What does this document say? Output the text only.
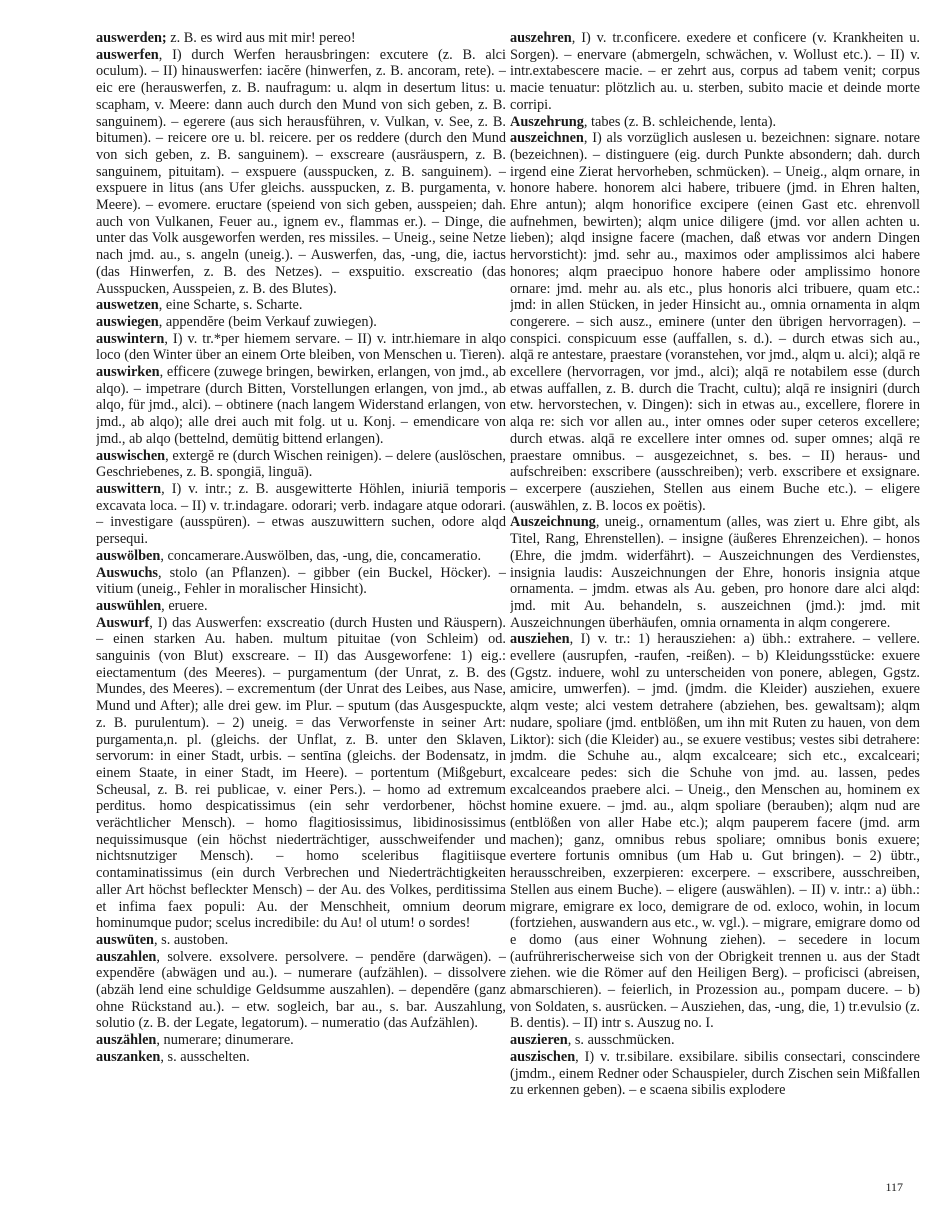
auswerden; z. B. es wird aus mit mir! pereo!

auswerfen, I) durch Werfen herausbringen: excutere (z. B. alci oculum). – II) hinauswerfen: iacĕre (hinwerfen, z. B. ancoram, rete). – eic ere (herauswerfen, z. B. naufragum: u. alqm in desertum litus: u. scapham, v. Meere: dann auch durch den Mund von sich geben, z. B. sanguinem). – egerere (aus sich herausführen, v. Vulkan, v. See, z. B. bitumen). – reicere ore u. bl. reicere. per os reddere (durch den Mund von sich geben, z. B. sanguinem). – exscreare (ausräuspern, z. B. sanguinem, pituitam). – exspuere (ausspucken, z. B. sanguinem). – exspuere in litus (ans Ufer gleichs. ausspucken, z. B. purgamenta, v. Meere). – evomere. eructare (speiend von sich geben, ausspeien; dah. auch von Vulkanen, Feuer au., ignem ev., flammas er.). – Dinge, die unter das Volk ausgeworfen werden, res missiles. – Uneig., seine Netze nach jmd. au., s. angeln (uneig.). – Auswerfen, das, -ung, die, iactus (das Hinwerfen, z. B. des Netzes). – exspuitio. exscreatio (das Ausspucken, Ausspeien, z. B. des Blutes).

auswetzen, eine Scharte, s. Scharte.

auswiegen, appendĕre (beim Verkauf zuwiegen).

auswintern, I) v. tr.*per hiemem servare. – II) v. intr.hiemare in alqo loco (den Winter über an einem Orte bleiben, von Menschen u. Tieren).

auswirken, efficere (zuwege bringen, bewirken, erlangen, von jmd., ab alqo). – impetrare (durch Bitten, Vorstellungen erlangen, von jmd., ab alqo, für jmd., alci). – obtinere (nach langem Widerstand erlangen, von jmd., ab alqo); alle drei auch mit folg. ut u. Konj. – emendicare von jmd., ab alqo (bettelnd, demütig bittend erlangen).

auswischen, extergĕ re (durch Wischen reinigen). – delere (auslöschen, Geschriebenes, z. B. spongiā, linguā).

auswittern, I) v. intr.; z. B. ausgewitterte Höhlen, iniuriā temporis excavata loca. – II) v. tr.indagare. odorari; verb. indagare atque odorari. – investigare (ausspüren). – etwas auszuwittern suchen, odore alqd persequi.

auswölben, concamerare.Auswölben, das, -ung, die, concameratio.

Auswuchs, stolo (an Pflanzen). – gibber (ein Buckel, Höcker). – vitium (uneig., Fehler in moralischer Hinsicht).

auswühlen, eruere.

Auswurf, I) das Auswerfen: exscreatio (durch Husten und Räuspern). – einen starken Au. haben. multum pituitae (von Schleim) od. sanguinis (von Blut) exscreare. – II) das Ausgeworfene: 1) eig.: eiectamentum (des Meeres). – purgamentum (der Unrat, z. B. des Mundes, des Meeres). – excrementum (der Unrat des Leibes, aus Nase, Mund und After); alle drei gew. im Plur. – sputum (das Ausgespuckte, z. B. purulentum). – 2) uneig. = das Verworfenste in seiner Art: purgamenta,n. pl. (gleichs. der Unflat, z. B. unter den Sklaven, servorum: in einer Stadt, urbis. – sentīna (gleichs. der Bodensatz, in einem Staate, in einer Stadt, im Heere). – portentum (Mißgeburt, Scheusal, z. B. rei publicae, v. einer Pers.). – homo ad extremum perditus. homo despicatissimus (ein sehr verdorbener, höchst verächtlicher Mensch). – homo flagitiosissimus, libidinosissimus nequissimusque (ein höchst niederträchtiger, ausschweifender und nichtsnutziger Mensch). – homo sceleribus flagitiisque contaminatissimus (ein durch Verbrechen und Niederträchtigkeiten aller Art höchst befleckter Mensch) – der Au. des Volkes, perditissima et infima faex populi: Au. der Menschheit, omnium deorum hominumque pudor; scelus incredibile: du Au! ol utum! o sordes!

auswüten, s. austoben.

auszahlen, solvere. exsolvere. persolvere. – pendĕre (darwägen). – expendĕre (abwägen und au.). – numerare (aufzählen). – dissolvere (abzäh lend eine schuldige Geldsumme auszahlen). – dependĕre (ganz ohne Rückstand au.). – etw. sogleich, bar au., s. bar. Auszahlung, solutio (z. B. der Legate, legatorum). – numeratio (das Aufzählen).

auszählen, numerare; dinumerare.

auszanken, s. ausschelten.

auszehren, I) v. tr.conficere. exedere et conficere (v. Krankheiten u. Sorgen). – enervare (abmergeln, schwächen, v. Wollust etc.). – II) v. intr.extabescere macie. – er zehrt aus, corpus ad tabem venit; corpus macie tenuatur: plötzlich au. u. sterben, subito macie et deinde morte corripi.

Auszehrung, tabes (z. B. schleichende, lenta).

auszeichnen, I) als vorzüglich auslesen u. bezeichnen: signare. notare (bezeichnen). – distinguere (eig. durch Punkte absondern; dah. durch irgend eine Zierat hervorheben, schmücken). – Uneig., alqm ornare, in honore habere. honorem alci habere, tribuere (jmd. in Ehren halten, Ehre antun); alqm honorifice excipere (einen Gast etc. ehrenvoll aufnehmen, bewirten); alqm unice diligere (jmd. vor allen achten u. lieben); alqd insigne facere (machen, daß etwas vor andern Dingen hervorsticht): jmd. sehr au., maximos oder amplissimos alci habere honores; alqm praecipuo honore habere oder amplissimo honore ornare: jmd. mehr au. als etc., plus honoris alci tribuere, quam etc.: jmd: in allen Stücken, in jeder Hinsicht au., omnia ornamenta in alqm congerere. – sich ausz., eminere (unter den übrigen hervorragen). – conspici. conspicuum esse (auffallen, s. d.). – durch etwas sich au., alqā re antestare, praestare (voranstehen, vor jmd., alqm u. alci); alqā re excellere (hervorragen, vor jmd., alci); alqā re notabilem esse (durch etwas auffallen, z. B. durch die Tracht, cultu); alqā re insigniri (durch etw. hervorstechen, v. Dingen): sich in etwas au., excellere, florere in alqa re: sich vor allen au., inter omnes oder super ceteros excellere; durch etwas. alqā re excellere inter omnes od. super omnes; alqā re praestare omnibus. – ausgezeichnet, s. bes. – II) heraus- und aufschreiben: exscribere (ausschreiben); verb. exscribere et exsignare. – excerpere (ausziehen, Stellen aus einem Buche etc.). – eligere (auswählen, z. B. locos ex poëtis).

Auszeichnung, uneig., ornamentum (alles, was ziert u. Ehre gibt, als Titel, Rang, Ehrenstellen). – insigne (äußeres Ehrenzeichen). – honos (Ehre, die jmdm. widerfährt). – Auszeichnungen des Verdienstes, insignia laudis: Auszeichnungen der Ehre, honoris insignia atque ornamenta. – jmdm. etwas als Au. geben, pro honore dare alci alqd: jmd. mit Au. behandeln, s. auszeichnen (jmd.): jmd. mit Auszeichnungen überhäufen, omnia ornamenta in alqm congerere.

ausziehen, I) v. tr.: 1) herausziehen: a) übh.: extrahere. – vellere. evellere (ausrupfen, -raufen, -reißen). – b) Kleidungsstücke: exuere (Ggstz. induere, wohl zu unterscheiden von ponere, ablegen, Ggstz. amicire, umwerfen). – jmd. (jmdm. die Kleider) ausziehen, exuere alqm veste; alci vestem detrahere (abziehen, bes. gewaltsam); alqm nudare, spoliare (jmd. entblößen, um ihn mit Ruten zu hauen, von dem Liktor): sich (die Kleider) au., se exuere vestibus; vestes sibi detrahere: jmdm. die Schuhe au., alqm excalceare; sich etc., excalceari; excalceare pedes: sich die Schuhe von jmd. au. lassen, pedes excalceandos praebere alci. – Uneig., den Menschen au, hominem ex homine exuere. – jmd. au., alqm spoliare (berauben); alqm nud are (entblößen von aller Habe etc.); alqm pauperem facere (jmd. arm machen); ganz, omnibus rebus spoliare; omnibus bonis exuere; evertere fortunis omnibus (um Hab u. Gut bringen). – 2) übtr., herausschreiben, exzerpieren: excerpere. – exscribere, ausschreiben, Stellen aus einem Buche). – eligere (auswählen). – II) v. intr.: a) übh.: migrare, emigrare ex loco, demigrare de od. exloco, wohin, in locum (fortziehen, auswandern aus etc., w. vgl.). – migrare, emigrare domo od e domo (aus einer Wohnung ziehen). – secedere in locum (aufrührerischerweise sich von der Obrigkeit trennen u. aus der Stadt ziehen. wie die Römer auf den Heiligen Berg). – proficisci (abreisen, abmarschieren). – feierlich, in Prozession au., pompam ducere. – b) von Soldaten, s. ausrücken. – Ausziehen, das, -ung, die, 1) tr.evulsio (z. B. dentis). – II) intr s. Auszug no. I.

auszieren, s. ausschmücken.

auszischen, I) v. tr.sibilare. exsibilare. sibilis consectari, conscindere (jmdm., einem Redner oder Schauspieler, durch Zischen sein Mißfallen zu erkennen geben). – e scaena sibilis explodere

117
